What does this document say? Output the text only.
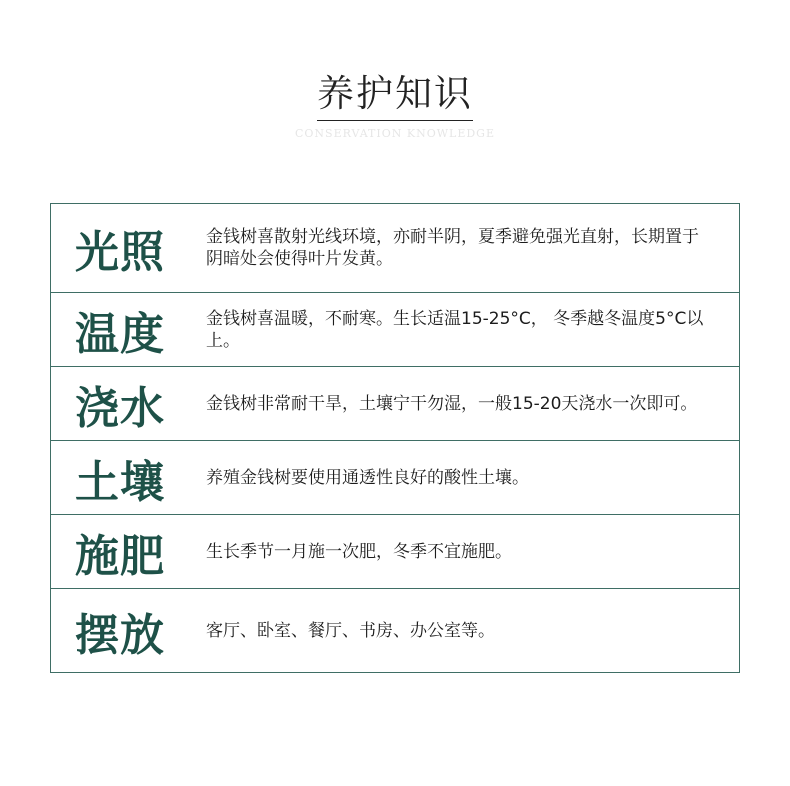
养护知识
CONSERVATION KNOWLEDGE
光照	金钱树喜散射光线环境，亦耐半阴，夏季避免强光直射，长期置于阴暗处会使得叶片发黄。
温度	金钱树喜温暖，不耐寒。生长适温15-25°C， 冬季越冬温度5°C以上。
浇水	金钱树非常耐干旱，土壤宁干勿湿，一般15-20天浇水一次即可。
土壤	养殖金钱树要使用通透性良好的酸性土壤。
施肥	生长季节一月施一次肥，冬季不宜施肥。
摆放	客厅、卧室、餐厅、书房、办公室等。
